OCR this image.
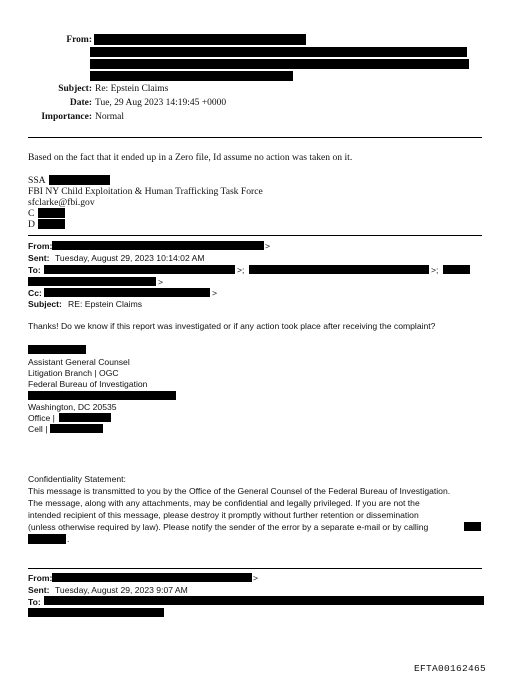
From:
Subject: Re: Epstein Claims
Date: Tue, 29 Aug 2023 14:19:45 +0000
Importance: Normal
Based on the fact that it ended up in a Zero file, Id assume no action was taken on it.
SSA
FBI NY Child Exploitation & Human Trafficking Task Force
sfclarke@fbi.gov
C
D
From:	>
Sent: Tuesday, August 29, 2023 10:14:02 AM
To:	>;	>;
>
Cc:	>
Subject: RE: Epstein Claims
Thanks! Do we know if this report was investigated or if any action took place after receiving the complaint?
Assistant General Counsel
Litigation Branch | OGC
Federal Bureau of Investigation
Washington, DC 20535
Office |
Cell |
Confidentiality Statement:
This message is transmitted to you by the Office of the General Counsel of the Federal Bureau of Investigation.
The message, along with any attachments, may be confidential and legally privileged. If you are not the
intended recipient of this message, please destroy it promptly without further retention or dissemination
(unless otherwise required by law). Please notify the sender of the error by a separate e-mail or by calling
.
From:	>
Sent: Tuesday, August 29, 2023 9:07 AM
To:
EFTA00162465
